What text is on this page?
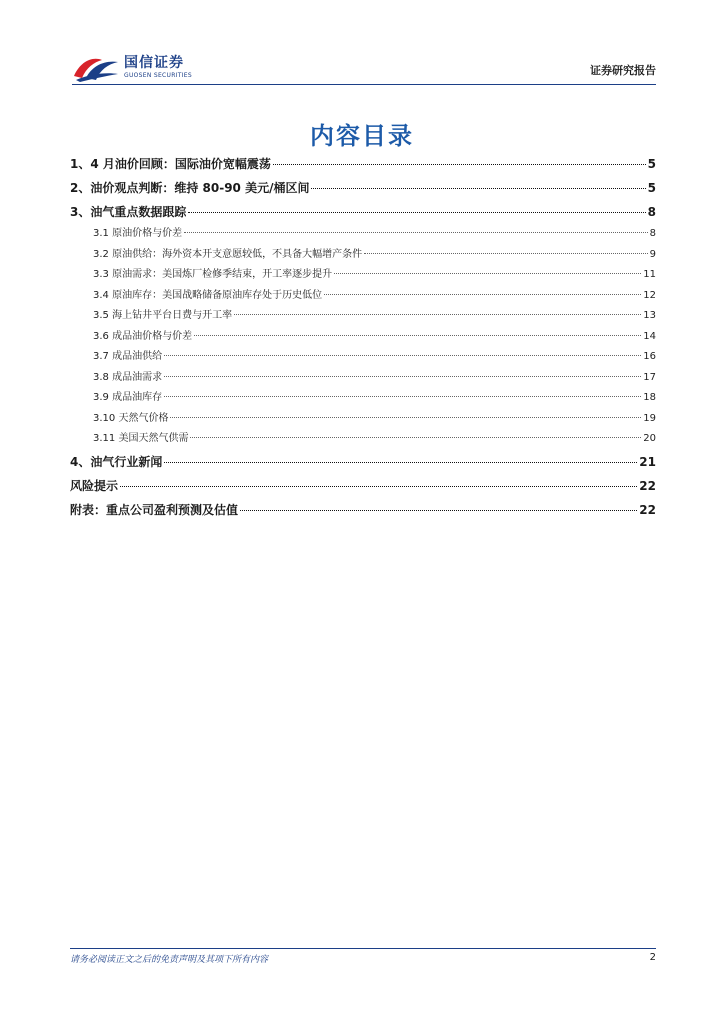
国信证券
GUOSEN SECURITIES	证券研究报告
内容目录
1、4 月油价回顾：国际油价宽幅震荡	5
2、油价观点判断：维持 80-90 美元/桶区间	5
3、油气重点数据跟踪	8
3.1 原油价格与价差	8
3.2 原油供给：海外资本开支意愿较低，不具备大幅增产条件	9
3.3 原油需求：美国炼厂检修季结束，开工率逐步提升	11
3.4 原油库存：美国战略储备原油库存处于历史低位	12
3.5 海上钻井平台日费与开工率	13
3.6 成品油价格与价差	14
3.7 成品油供给	16
3.8 成品油需求	17
3.9 成品油库存	18
3.10 天然气价格	19
3.11 美国天然气供需	20
4、油气行业新闻	21
风险提示	22
附表：重点公司盈利预测及估值	22
请务必阅读正文之后的免责声明及其项下所有内容	2
